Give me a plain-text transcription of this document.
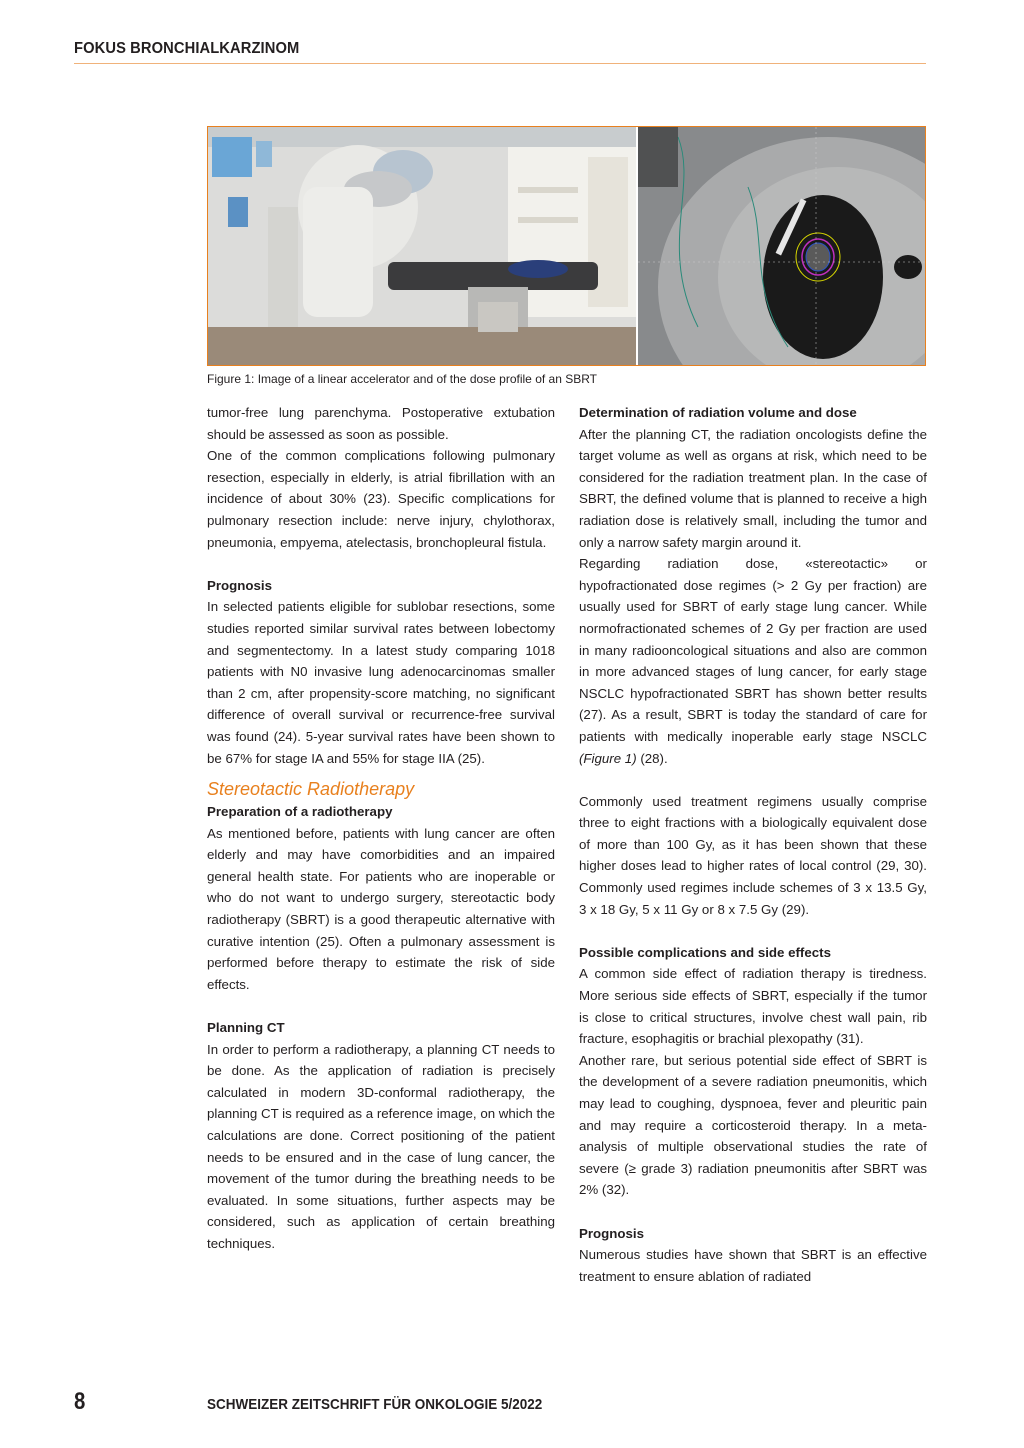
FOKUS BRONCHIALKARZINOM
Figure 1: Image of a linear accelerator and of the dose profile of an SBRT

tumor-free lung parenchyma. Postoperative extubation should be assessed as soon as possible.

One of the common complications following pulmonary resection, especially in elderly, is atrial fibrillation with an incidence of about 30% (23). Specific complications for pulmonary resection include: nerve injury, chylothorax, pneumonia, empyema, atelectasis, bronchopleural fistula.

Prognosis

In selected patients eligible for sublobar resections, some studies reported similar survival rates between lobectomy and segmentectomy. In a latest study comparing 1018 patients with N0 invasive lung adenocarcinomas smaller than 2 cm, after propensity-score matching, no significant difference of overall survival or recurrence-free survival was found (24). 5-year survival rates have been shown to be 67% for stage IA and 55% for stage IIA (25).

Stereotactic Radiotherapy
Preparation of a radiotherapy

As mentioned before, patients with lung cancer are often elderly and may have comorbidities and an impaired general health state. For patients who are inoperable or who do not want to undergo surgery, stereotactic body radiotherapy (SBRT) is a good therapeutic alternative with curative intention (25). Often a pulmonary assessment is performed before therapy to estimate the risk of side effects.

Planning CT

In order to perform a radiotherapy, a planning CT needs to be done. As the application of radiation is precisely calculated in modern 3D-conformal radiotherapy, the planning CT is required as a reference image, on which the calculations are done. Correct positioning of the patient needs to be ensured and in the case of lung cancer, the movement of the tumor during the breathing needs to be evaluated. In some situations, further aspects may be considered, such as application of certain breathing techniques.

Determination of radiation volume and dose

After the planning CT, the radiation oncologists define the target volume as well as organs at risk, which need to be considered for the radiation treatment plan. In the case of SBRT, the defined volume that is planned to receive a high radiation dose is relatively small, including the tumor and only a narrow safety margin around it.

Regarding radiation dose, «stereotactic» or hypofractionated dose regimes (> 2 Gy per fraction) are usually used for SBRT of early stage lung cancer. While normofractionated schemes of 2 Gy per fraction are used in many radiooncological situations and also are common in more advanced stages of lung cancer, for early stage NSCLC hypofractionated SBRT has shown better results (27). As a result, SBRT is today the standard of care for patients with medically inoperable early stage NSCLC (Figure 1) (28).

Commonly used treatment regimens usually comprise three to eight fractions with a biologically equivalent dose of more than 100 Gy, as it has been shown that these higher doses lead to higher rates of local control (29, 30). Commonly used regimes include schemes of 3 x 13.5 Gy, 3 x 18 Gy, 5 x 11 Gy or 8 x 7.5 Gy (29).

Possible complications and side effects

A common side effect of radiation therapy is tiredness. More serious side effects of SBRT, especially if the tumor is close to critical structures, involve chest wall pain, rib fracture, esophagitis or brachial plexopathy (31).

Another rare, but serious potential side effect of SBRT is the development of a severe radiation pneumonitis, which may lead to coughing, dyspnoea, fever and pleuritic pain and may require a corticosteroid therapy. In a meta-analysis of multiple observational studies the rate of severe (≥ grade 3) radiation pneumonitis after SBRT was 2% (32).

Prognosis

Numerous studies have shown that SBRT is an effective treatment to ensure ablation of radiated

8	SCHWEIZER ZEITSCHRIFT FÜR ONKOLOGIE 5/2022
